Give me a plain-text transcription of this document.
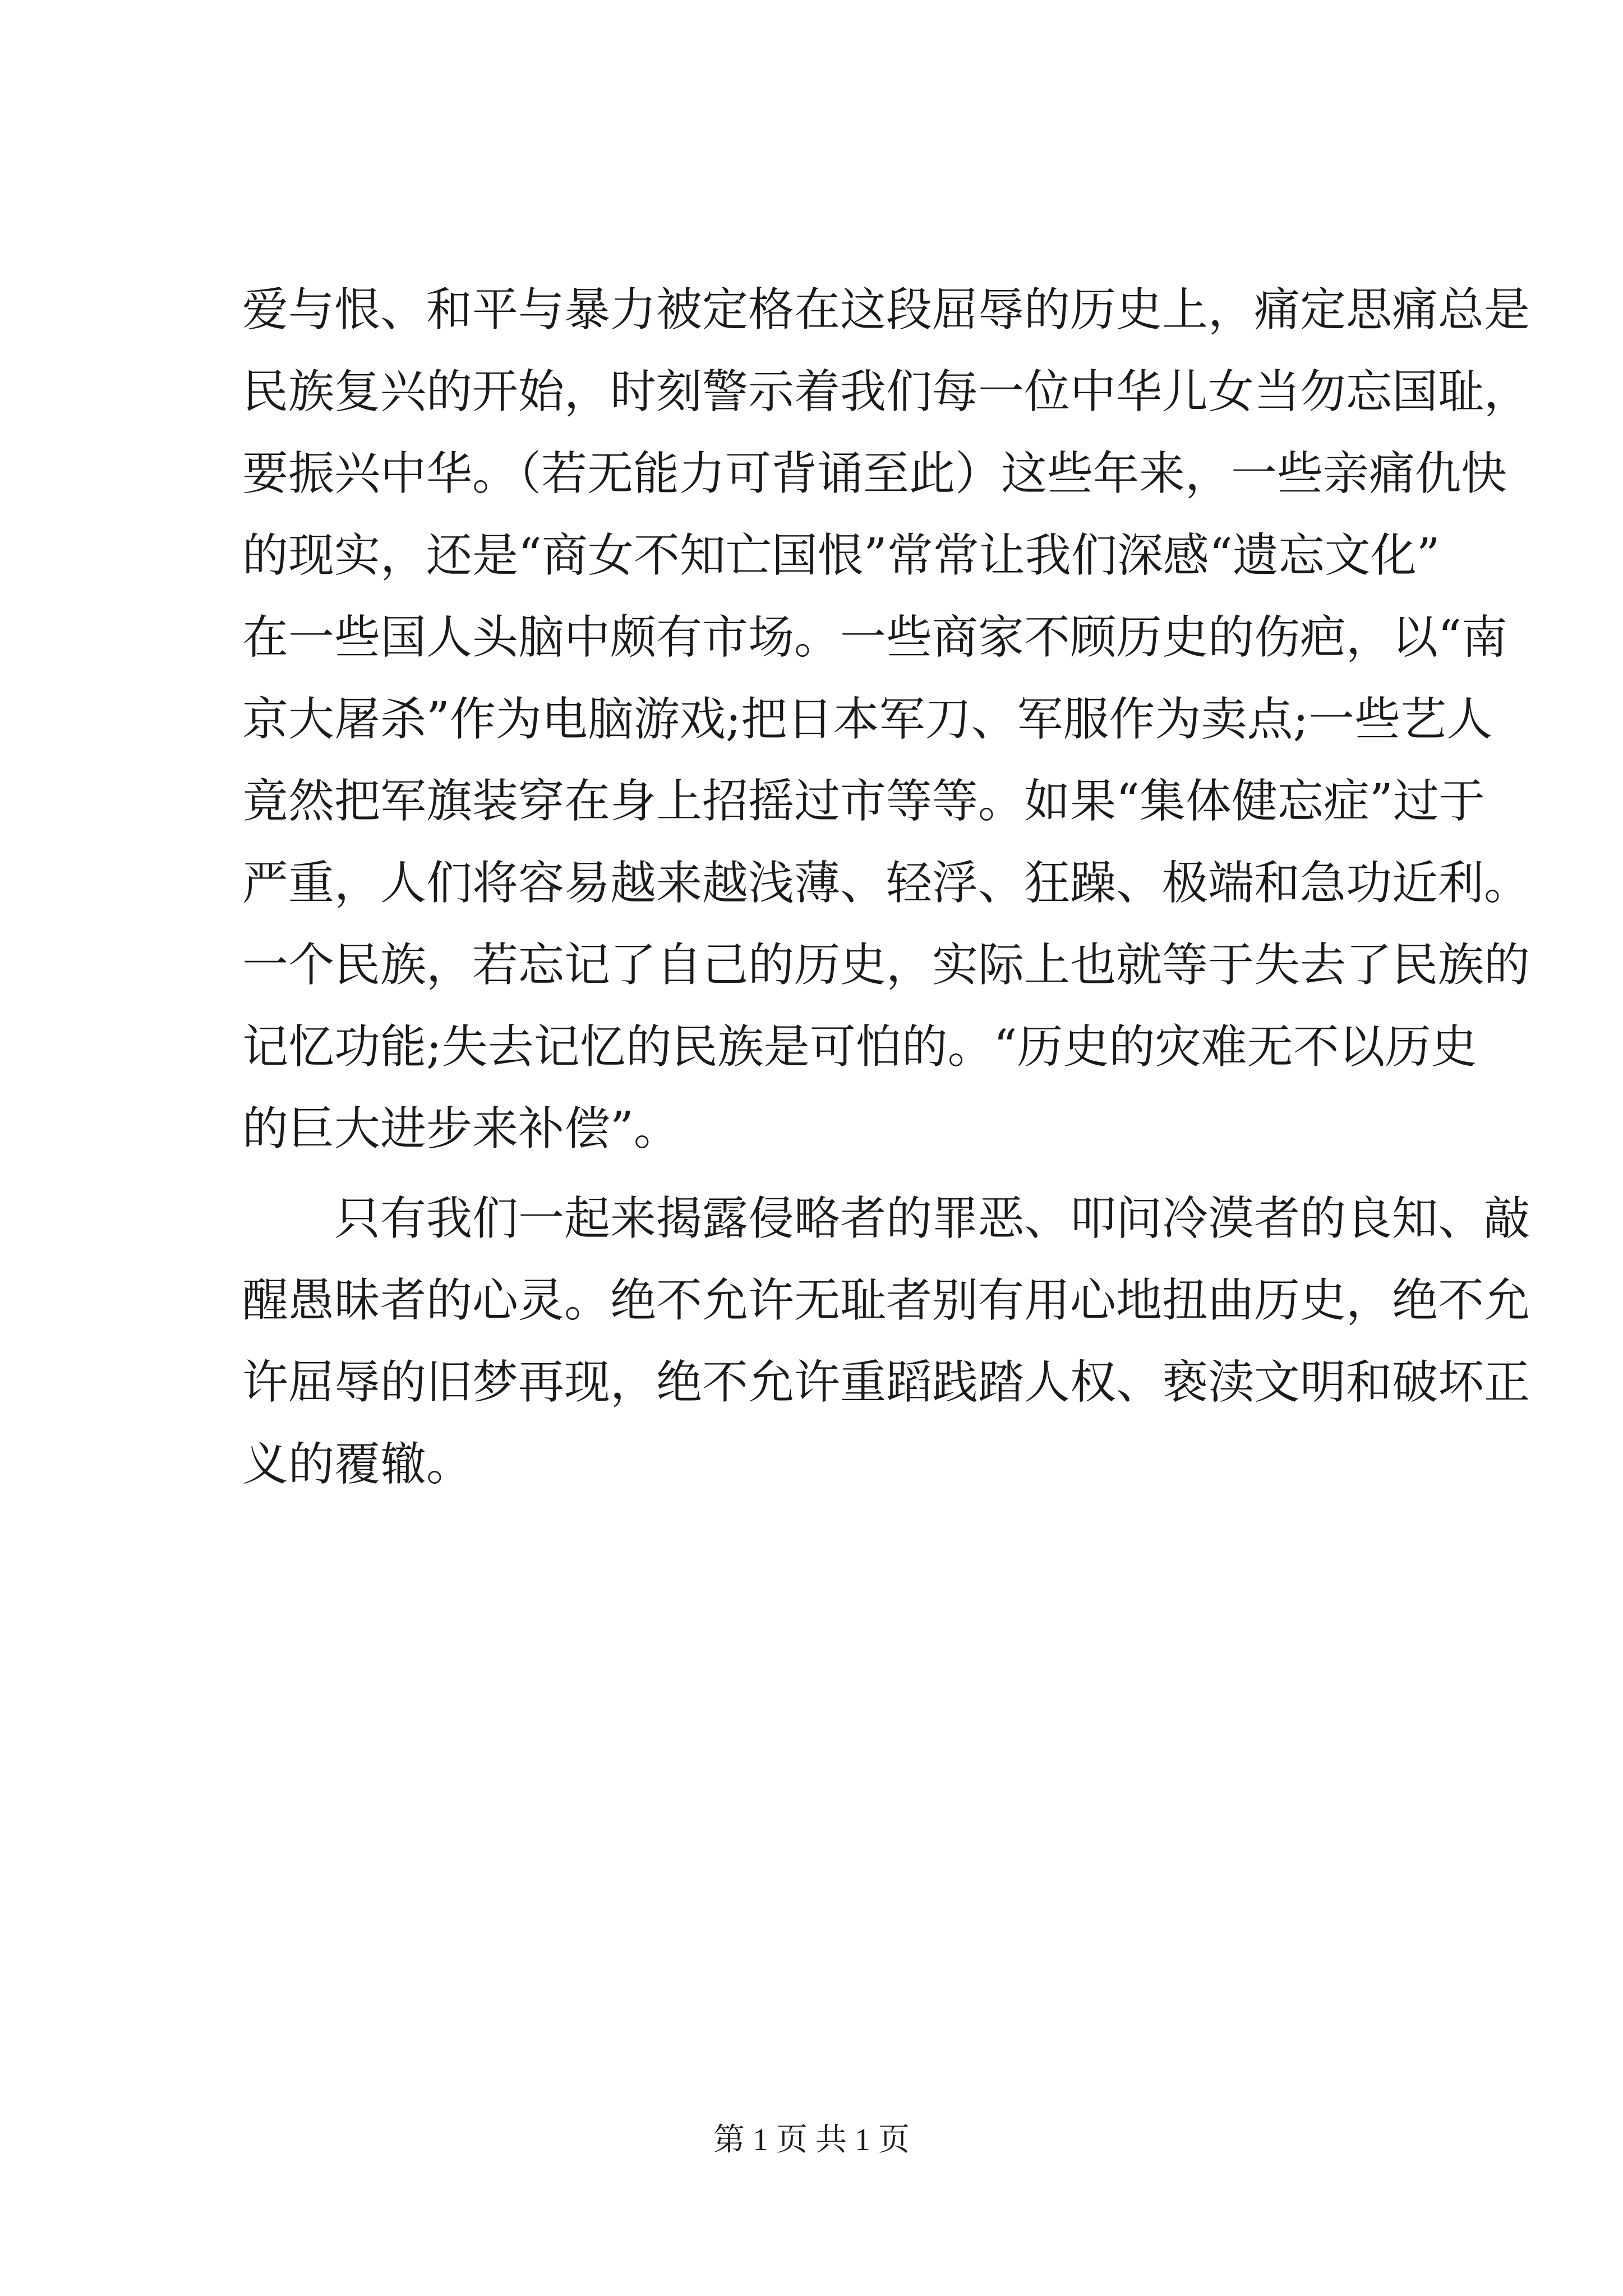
爱与恨、和平与暴力被定格在这段屈辱的历史上，痛定思痛总是
民族复兴的开始，时刻警示着我们每一位中华儿女当勿忘国耻，
要振兴中华。（若无能力可背诵至此）这些年来，一些亲痛仇快
的现实，还是“商女不知亡国恨”常常让我们深感“遗忘文化”
在一些国人头脑中颇有市场。一些商家不顾历史的伤疤，以“南
京大屠杀”作为电脑游戏;把日本军刀、军服作为卖点;一些艺人
竟然把军旗装穿在身上招摇过市等等。如果“集体健忘症”过于
严重，人们将容易越来越浅薄、轻浮、狂躁、极端和急功近利。
一个民族，若忘记了自己的历史，实际上也就等于失去了民族的
记忆功能;失去记忆的民族是可怕的。“历史的灾难无不以历史
的巨大进步来补偿”。
　　只有我们一起来揭露侵略者的罪恶、叩问冷漠者的良知、敲
醒愚昧者的心灵。绝不允许无耻者别有用心地扭曲历史，绝不允
许屈辱的旧梦再现，绝不允许重蹈践踏人权、亵渎文明和破坏正
义的覆辙。
第 1 页 共 1 页
